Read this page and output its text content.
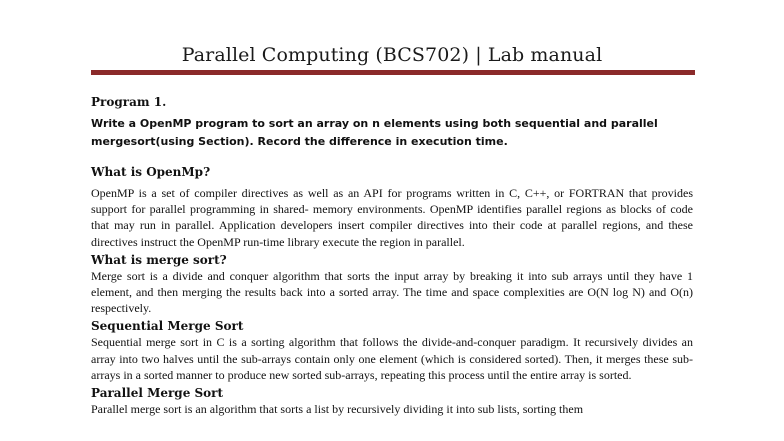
Parallel Computing (BCS702) | Lab manual
Program 1.
Write a OpenMP program to sort an array on n elements using both sequential and parallel mergesort(using Section). Record the difference in execution time.
What is OpenMp?

OpenMP is a set of compiler directives as well as an API for programs written in C, C++, or FORTRAN that provides support for parallel programming in shared- memory environments. OpenMP identifies parallel regions as blocks of code that may run in parallel. Application developers insert compiler directives into their code at parallel regions, and these directives instruct the OpenMP run-time library execute the region in parallel.

What is merge sort?

Merge sort is a divide and conquer algorithm that sorts the input array by breaking it into sub arrays until they have 1 element, and then merging the results back into a sorted array. The time and space complexities are O(N log N) and O(n) respectively.

Sequential Merge Sort

Sequential merge sort in C is a sorting algorithm that follows the divide-and-conquer paradigm. It recursively divides an array into two halves until the sub-arrays contain only one element (which is considered sorted). Then, it merges these sub-arrays in a sorted manner to produce new sorted sub-arrays, repeating this process until the entire array is sorted.

Parallel Merge Sort

Parallel merge sort is an algorithm that sorts a list by recursively dividing it into sub lists, sorting them
